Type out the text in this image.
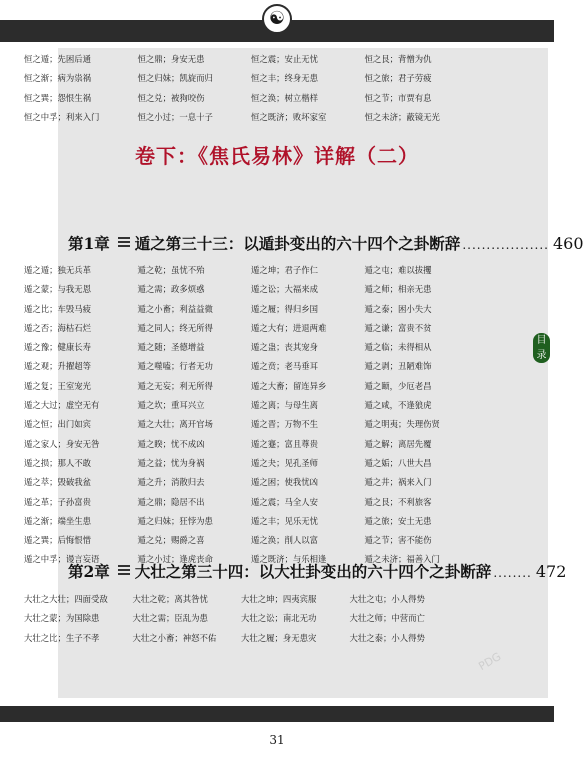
☯
恒之遁；先困后通	恒之鼎；身安无患	恒之震；安止无忧	恒之艮；背憎为仇
恒之渐；病为祟祸	恒之归妹；凯旋而归	恒之丰；终身无患	恒之旅；君子劳疲
恒之巽；怨恨生祸	恒之兑；被狗咬伤	恒之涣；树立楷样	恒之节；市贾有息
恒之中孚；利来入门	恒之小过；一息十子	恒之既济；败坏家室	恒之未济；蔽镜无光
卷下：《焦氏易林》详解（二）
第1章 遁之第三十三：以遁卦变出的六十四个之卦断辞 .................. 460
遁之遁；独无兵革	遁之乾；虽忧不殆	遁之坤；君子作仁	遁之屯；难以拔攫
遁之蒙；与我无恩	遁之需；政多烦惑	遁之讼；大福来成	遁之师；相亲无患
遁之比；车毁马疲	遁之小畜；利益益微	遁之履；得归乡国	遁之泰；困小失大
遁之否；海枯石烂	遁之同人；终无所得	遁之大有；进退两难	遁之谦；富贵不贫
遁之豫；健康长寿	遁之随；圣德增益	遁之蛊；丧其宠身	遁之临；未得相从
遁之观；升擢超等	遁之噬嗑；行者无功	遁之贲；老马垂耳	遁之剥；丑陋难饰
遁之复；王室宠光	遁之无妄；利无所得	遁之大畜；留连异乡	遁之颐，少厄老昌
遁之大过；虚空无有	遁之坎；重耳兴立	遁之离；与母生离	遁之咸，不逢狼虎
遁之恒；出门如宾	遁之大壮；离开官场	遁之晋；万物不生	遁之明夷；失理伤贤
遁之家人；身安无咎	遁之睽；忧不成凶	遁之蹇；富且尊贵	遁之解；离居先覆
遁之损；那人不敢	遁之益；忧为身祸	遁之夬；见孔圣师	遁之姤；八世大昌
遁之萃；毁破我盆	遁之升；消散归去	遁之困；使我忧凶	遁之井；祸来入门
遁之革；子孙富贵	遁之鼎；隐居不出	遁之震；马全人安	遁之艮；不利旅客
遁之渐；端坐生患	遁之归妹；狂悖为患	遁之丰；见乐无忧	遁之旅；安土无患
遁之巽；后悔恨惜	遁之兑；赐爵之喜	遁之涣；削人以富	遁之节；害不能伤
遁之中孚；谩言妄语	遁之小过；逢虎丧命	遁之既济；与乐相逢	遁之未济；福善入门
第2章 大壮之第三十四：以大壮卦变出的六十四个之卦断辞 ........ 472
大壮之大壮；四面受敌	大壮之乾；离其咎忧	大壮之坤；四夷宾服	大壮之屯；小人得势
大壮之蒙；为国除患	大壮之需；臣乱为患	大壮之讼；南北无功	大壮之师；中营而亡
大壮之比；生子不孝	大壮之小畜；神怒不佑	大壮之履；身无患灾	大壮之泰；小人得势
目录
PDG
31
